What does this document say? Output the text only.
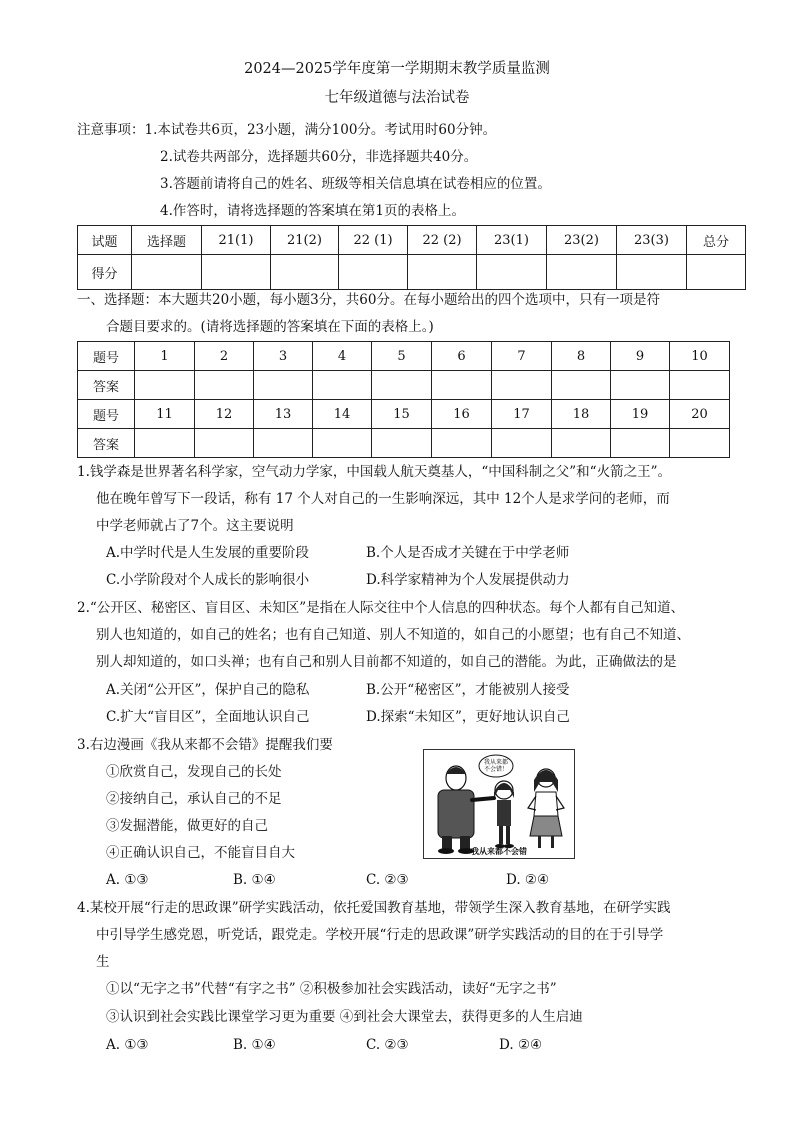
2024—2025学年度第一学期期末教学质量监测
七年级道德与法治试卷
注意事项：1.本试卷共6页，23小题，满分100分。考试用时60分钟。
2.试卷共两部分，选择题共60分，非选择题共40分。
3.答题前请将自己的姓名、班级等相关信息填在试卷相应的位置。
4.作答时，请将选择题的答案填在第1页的表格上。
试题	选择题	21(1)	21(2)	22 (1)	22 (2)	23(1)	23(2)	23(3)	总分
得分									
一、选择题：本大题共20小题，每小题3分，共60分。在每小题给出的四个选项中，只有一项是符
合题目要求的。(请将选择题的答案填在下面的表格上。)
题号	1	2	3	4	5	6	7	8	9	10
答案										
题号	11	12	13	14	15	16	17	18	19	20
答案										
1.钱学森是世界著名科学家，空气动力学家，中国载人航天奠基人，“中国科制之父”和“火箭之王”。
他在晚年曾写下一段话，称有 17 个人对自己的一生影响深远，其中 12个人是求学问的老师，而
中学老师就占了7个。这主要说明
A.中学时代是人生发展的重要阶段	B.个人是否成才关键在于中学老师
C.小学阶段对个人成长的影响很小	D.科学家精神为个人发展提供动力
2.“公开区、秘密区、盲目区、未知区”是指在人际交往中个人信息的四种状态。每个人都有自己知道、
别人也知道的，如自己的姓名；也有自己知道、别人不知道的，如自己的小愿望；也有自己不知道、
别人却知道的，如口头禅；也有自己和别人目前都不知道的，如自己的潜能。为此，正确做法的是
A.关闭“公开区”，保护自己的隐私	B.公开“秘密区”，才能被别人接受
C.扩大“盲目区”，全面地认识自己	D.探索“未知区”，更好地认识自己
3.右边漫画《我从来都不会错》提醒我们要
①欣赏自己，发现自己的长处
②接纳自己，承认自己的不足
③发掘潜能，做更好的自己
④正确认识自己，不能盲目自大
A. ①③	B. ①④	C. ②③	D. ②④
我从来都
不会错！
我从来都不会错
4.某校开展“行走的思政课”研学实践活动，依托爱国教育基地，带领学生深入教育基地，在研学实践
中引导学生感党恩，听党话，跟党走。学校开展“行走的思政课”研学实践活动的目的在于引导学
生
①以“无字之书”代替“有字之书” ②积极参加社会实践活动，读好“无字之书”
③认识到社会实践比课堂学习更为重要 ④到社会大课堂去，获得更多的人生启迪
A. ①③	B. ①④	C. ②③	D. ②④
